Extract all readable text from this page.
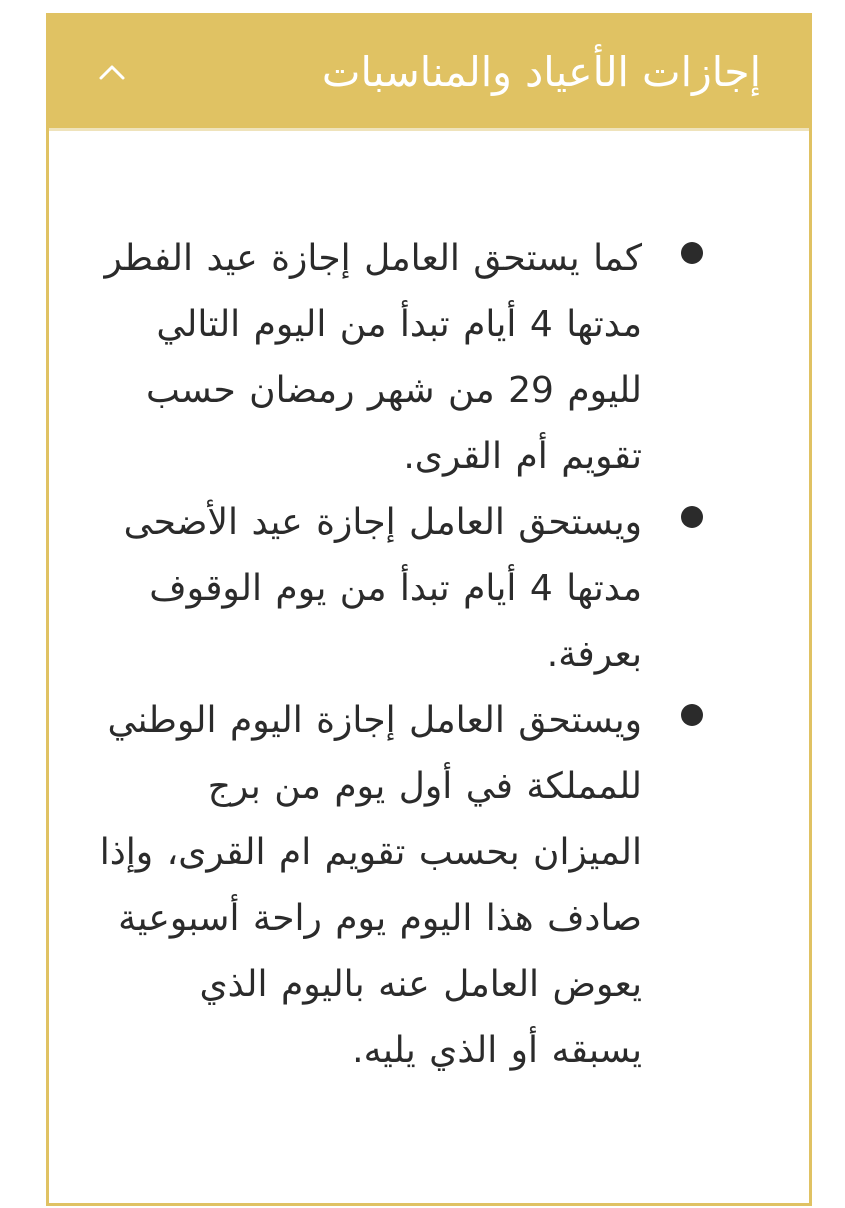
إجازات الأعياد والمناسبات
كما يستحق العامل إجازة عيد الفطر مدتها 4 أيام تبدأ من اليوم التالي لليوم 29 من شهر رمضان حسب تقويم أم القرى.
ويستحق العامل إجازة عيد الأضحى مدتها 4 أيام تبدأ من يوم الوقوف بعرفة.
ويستحق العامل إجازة اليوم الوطني للمملكة في أول يوم من برج الميزان بحسب تقويم ام القرى، وإذا صادف هذا اليوم يوم راحة أسبوعية يعوض العامل عنه باليوم الذي يسبقه أو الذي يليه.
